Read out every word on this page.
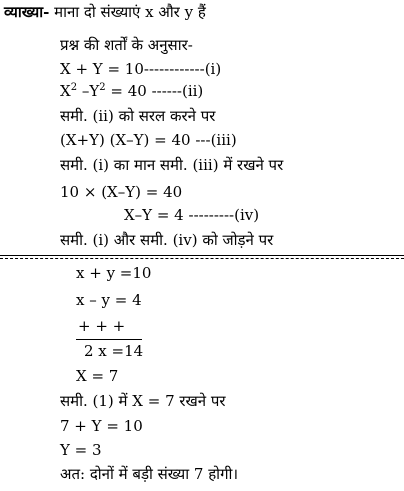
व्याख्या- माना दो संख्याएं x और y हैं
प्रश्न की शर्तों के अनुसार-
X + Y = 10------------(i)
$X^2$ $-Y^2 = 40$ ------(ii)
समी. (ii) को सरल करने पर
(X+Y) (X–Y) = 40 ---(iii)
समी. (i) का मान समी. (iii) में रखने पर
10 × (X–Y) = 40
X–Y = 4 ---------(iv)
समी. (i) और समी. (iv) को जोड़ने पर
x + y =10
x – y = 4
+ + +
2 x =14
X = 7
समी. (1) में X = 7 रखने पर
7 + Y = 10
Y = 3
अत: दोनों में बड़ी संख्या 7 होगी।
